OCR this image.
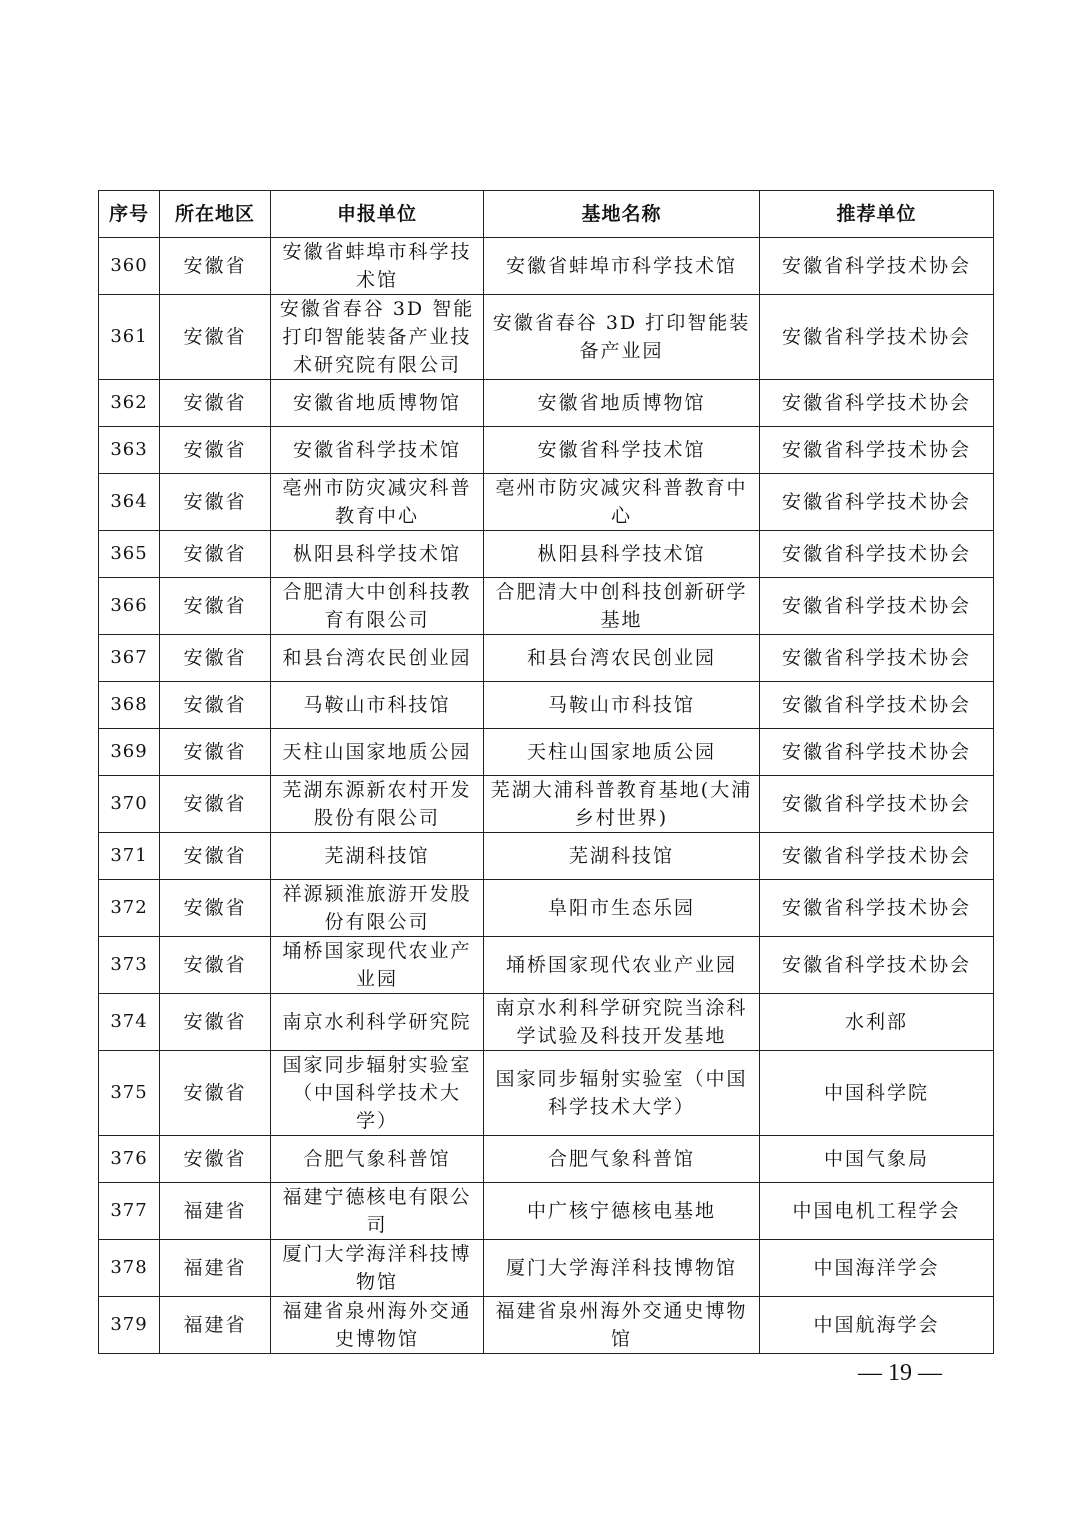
序号	所在地区	申报单位	基地名称	推荐单位
360	安徽省	安徽省蚌埠市科学技术馆	安徽省蚌埠市科学技术馆	安徽省科学技术协会
361	安徽省	安徽省春谷 3D 智能打印智能装备产业技术研究院有限公司	安徽省春谷 3D 打印智能装备产业园	安徽省科学技术协会
362	安徽省	安徽省地质博物馆	安徽省地质博物馆	安徽省科学技术协会
363	安徽省	安徽省科学技术馆	安徽省科学技术馆	安徽省科学技术协会
364	安徽省	亳州市防灾减灾科普教育中心	亳州市防灾减灾科普教育中心	安徽省科学技术协会
365	安徽省	枞阳县科学技术馆	枞阳县科学技术馆	安徽省科学技术协会
366	安徽省	合肥清大中创科技教育有限公司	合肥清大中创科技创新研学基地	安徽省科学技术协会
367	安徽省	和县台湾农民创业园	和县台湾农民创业园	安徽省科学技术协会
368	安徽省	马鞍山市科技馆	马鞍山市科技馆	安徽省科学技术协会
369	安徽省	天柱山国家地质公园	天柱山国家地质公园	安徽省科学技术协会
370	安徽省	芜湖东源新农村开发股份有限公司	芜湖大浦科普教育基地(大浦乡村世界)	安徽省科学技术协会
371	安徽省	芜湖科技馆	芜湖科技馆	安徽省科学技术协会
372	安徽省	祥源颍淮旅游开发股份有限公司	阜阳市生态乐园	安徽省科学技术协会
373	安徽省	埇桥国家现代农业产业园	埇桥国家现代农业产业园	安徽省科学技术协会
374	安徽省	南京水利科学研究院	南京水利科学研究院当涂科学试验及科技开发基地	水利部
375	安徽省	国家同步辐射实验室（中国科学技术大学）	国家同步辐射实验室（中国科学技术大学）	中国科学院
376	安徽省	合肥气象科普馆	合肥气象科普馆	中国气象局
377	福建省	福建宁德核电有限公司	中广核宁德核电基地	中国电机工程学会
378	福建省	厦门大学海洋科技博物馆	厦门大学海洋科技博物馆	中国海洋学会
379	福建省	福建省泉州海外交通史博物馆	福建省泉州海外交通史博物馆	中国航海学会
— 19 —
